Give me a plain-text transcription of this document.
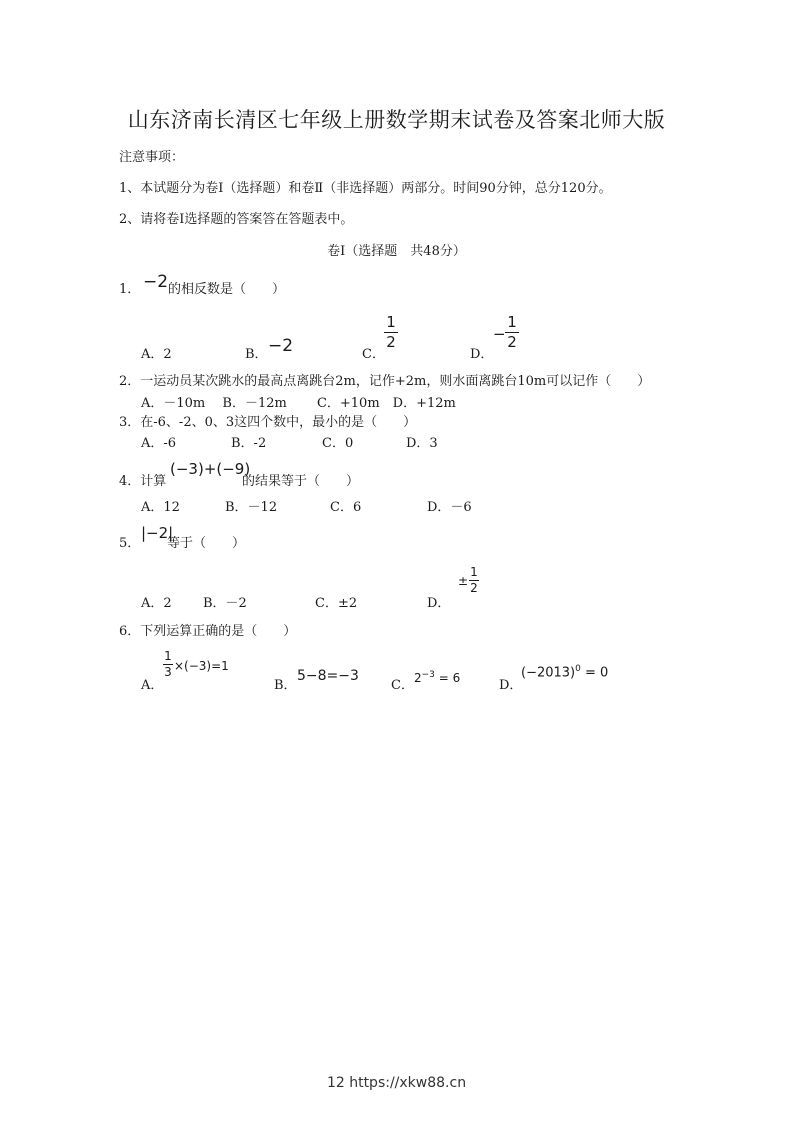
山东济南长清区七年级上册数学期末试卷及答案北师大版
注意事项：
1、本试题分为卷Ⅰ（选择题）和卷Ⅱ（非选择题）两部分。时间90分钟，总分120分。
2、请将卷Ⅰ选择题的答案答在答题表中。
卷Ⅰ（选择题　共48分）
1． −2 的相反数是（　　）
A．2	B． −2	C．
1
2
D．
−
1
2
2．一运动员某次跳水的最高点离跳台2m，记作+2m，则水面离跳台10m可以记作（　　）
A．－10m　 B．－12m　　 C．+10m　D．+12m
3．在-6、-2、0、3这四个数中，最小的是（　　）
A．-6	B．-2	C．0	D．3
4．计算
(−3)+(−9)
的结果等于（　　）
A．12	B．－12	C．6	D．－6
5．
|−2|
等于（　　）
A．2 B．－2	C．±2	D．
±
1
2
6．下列运算正确的是（　　）
A．
1
3 ×(−3)=1
B．
5−8=−3
C． $2^{-3} = 6$	D．
$(-2013)^0 = 0$
12 https://xkw88.cn
